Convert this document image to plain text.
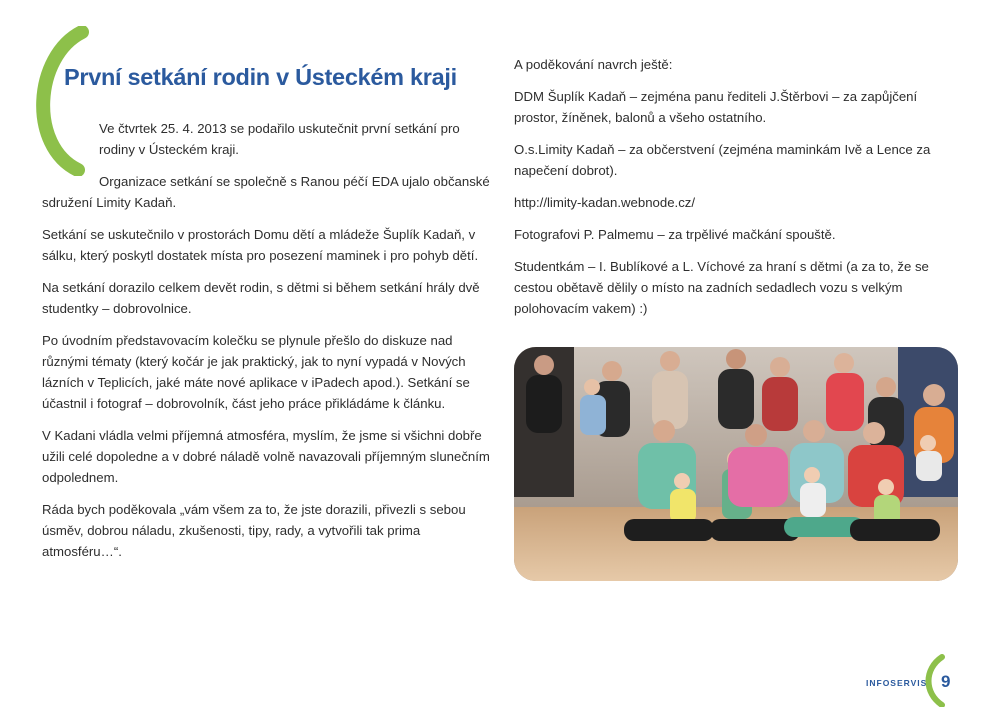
První setkání rodin v Ústeckém kraji

Ve čtvrtek 25. 4. 2013 se podařilo uskutečnit první setkání pro rodiny v Ústeckém kraji.

Organizace setkání se společně s Ranou péčí EDA ujalo občanské sdružení Limity Kadaň.

Setkání se uskutečnilo v prostorách Domu dětí a mládeže Šuplík Kadaň, v sálku, který poskytl dostatek místa pro posezení maminek i pro pohyb dětí.

Na setkání dorazilo celkem devět rodin, s dětmi si během setkání hrály dvě studentky – dobrovolnice.

Po úvodním představovacím kolečku se plynule přešlo do diskuze nad různými tématy (který kočár je jak praktický, jak to nyní vypadá v Nových lázních v Teplicích, jaké máte nové aplikace v iPadech apod.). Setkání se účastnil i fotograf – dobrovolník, část jeho práce přikládáme k článku.

V Kadani vládla velmi příjemná atmosféra, myslím, že jsme si všichni dobře užili celé dopoledne a v dobré náladě volně navazovali příjemným slunečním odpolednem.

Ráda bych poděkovala „vám všem za to, že jste dorazili, přivezli s sebou úsměv, dobrou náladu, zkušenosti, tipy, rady, a vytvořili tak prima atmosféru…“.

A poděkování navrch ještě:

DDM Šuplík Kadaň – zejména panu řediteli J.Štěrbovi – za zapůjčení prostor, žíněnek, balonů a všeho ostatního.

O.s.Limity Kadaň – za občerstvení (zejména maminkám Ivě a Lence za napečení dobrot).

http://limity-kadan.webnode.cz/

Fotografovi P. Palmemu – za trpělivé mačkání spouště.

Studentkám – I. Bublíkové a L. Víchové za hraní s dětmi (a za to, že se cestou obětavě dělily o místo na zadních sedadlech vozu s velkým polohovacím vakem) :)

INFOSERVIS 9
